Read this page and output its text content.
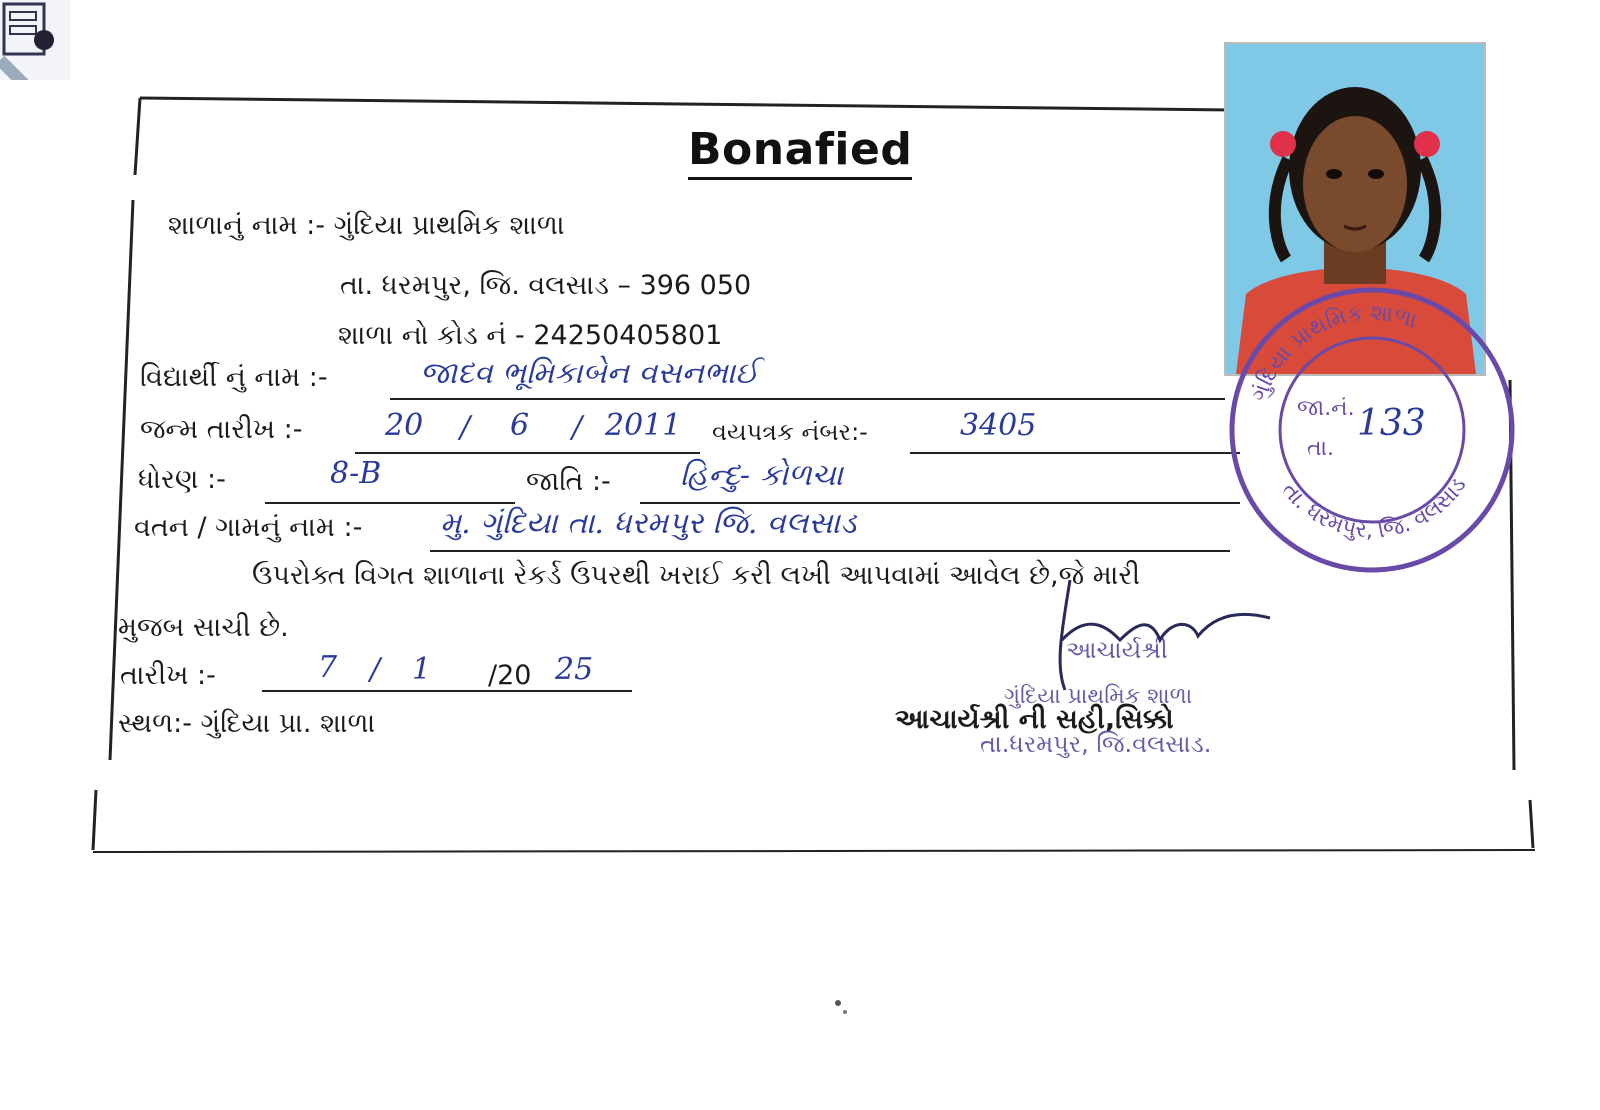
Bonafied
શાળાનું નામ :- ગુંદિયા પ્રાથમિક શાળા
તા. ધરમપુર, જિ. વલસાડ – 396 050
શાળા નો કોડ નં - 24250405801
વિદ્યાર્થી નું નામ :-	જાદવ ભૂમિકાબેન વસનભાઈ
જન્મ તારીખ :-	20 / 6 / 2011 વયપત્રક નંબર:-	3405
ધોરણ :-	8-B	જાતિ :- હિન્દુ- કોળચા
વતન / ગામનું નામ :-	મુ. ગુંદિયા તા. ધરમપુર જિ. વલસાડ
ઉપરોક્ત વિગત શાળાના રેકર્ડ ઉપરથી ખરાઈ કરી લખી આપવામાં આવેલ છે,જે મારી
મુજબ સાચી છે.
તારીખ :-	7 / 1 /20 25
સ્થળ:- ગુંદિયા પ્રા. શાળા
આચાર્યશ્રી
ગુંદિયા પ્રાથમિક શાળા
આચાર્યશ્રી ની સહી,સિક્કો
તા.ધરમપુર, જિ.વલસાડ.
ગુંદિયા પ્રાથમિક શાળા
તા. ધરમપુર, જિ. વલસાડ
જા.નં. 133
તા.
